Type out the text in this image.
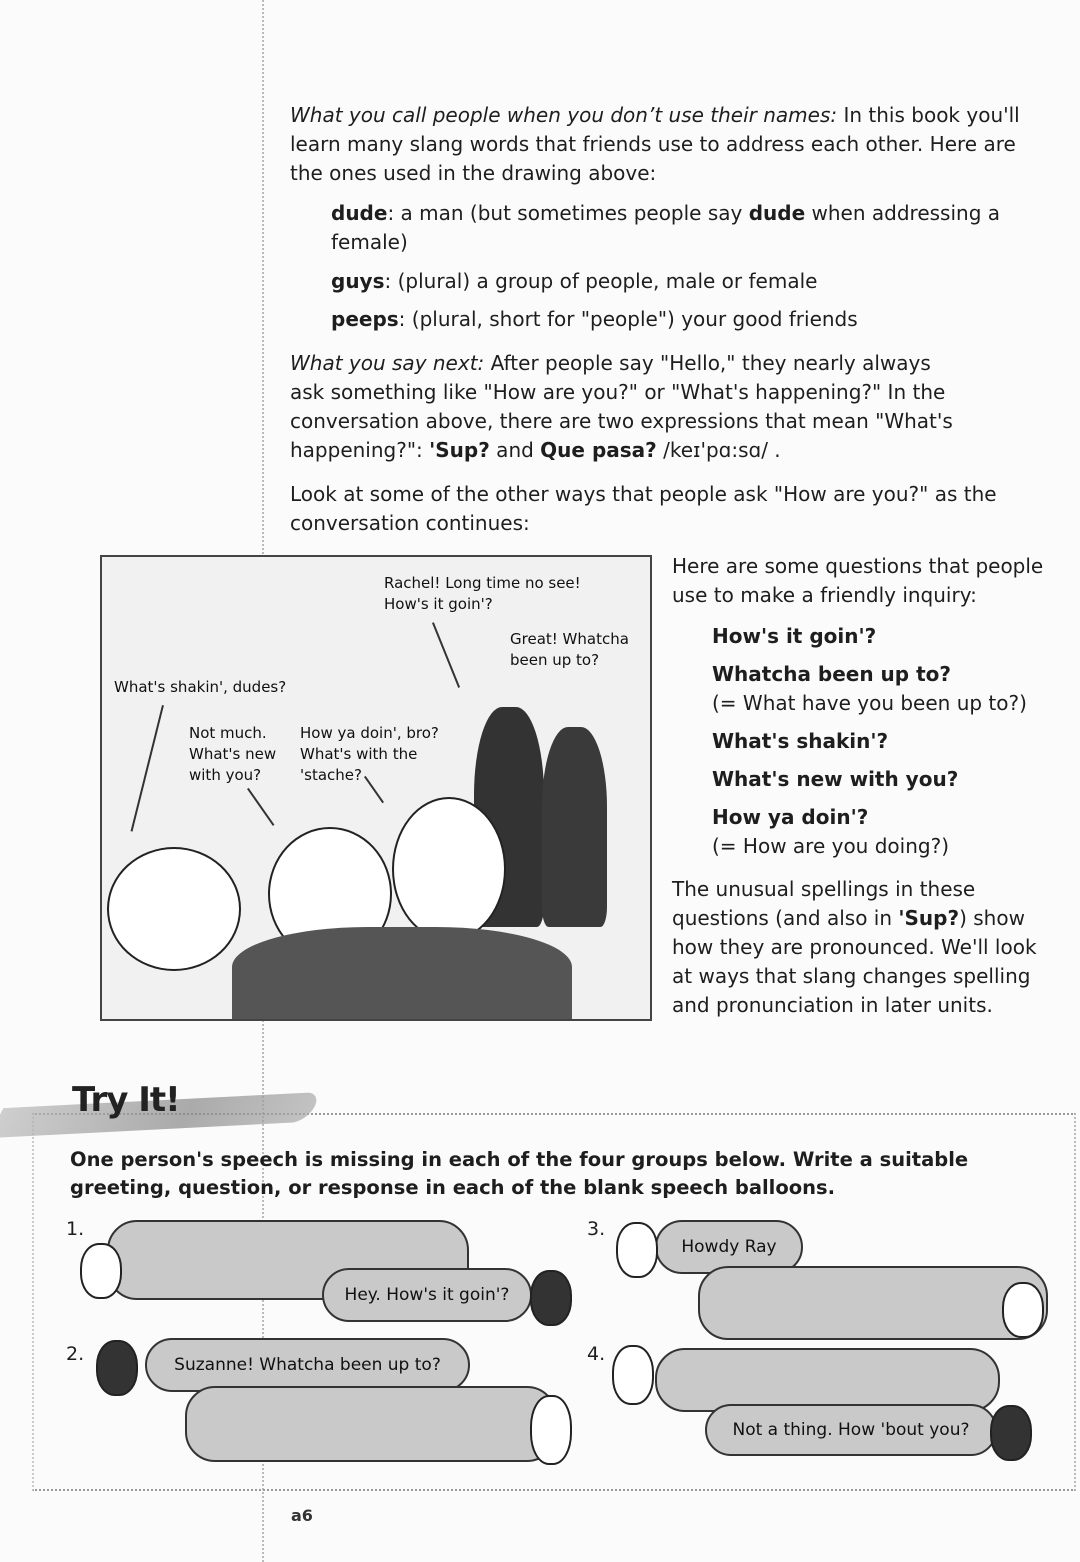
What you call people when you don’t use their names: In this book you'll learn many slang words that friends use to address each other. Here are the ones used in the drawing above:

dude: a man (but sometimes people say dude when addressing a female)

guys: (plural) a group of people, male or female

peeps: (plural, short for "people") your good friends

What you say next: After people say "Hello," they nearly always ask something like "How are you?" or "What's happening?" In the conversation above, there are two expressions that mean "What's happening?": 'Sup? and Que pasa? /keɪ'pɑ:sɑ/ .

Look at some of the other ways that people ask "How are you?" as the conversation continues:

Rachel! Long time no see! How's it goin'?
Great! Whatcha been up to?
What's shakin', dudes?
Not much. What's new with you?
How ya doin', bro? What's with the 'stache?

Here are some questions that people use to make a friendly inquiry:

How's it goin'?

Whatcha been up to?

(= What have you been up to?)

What's shakin'?

What's new with you?

How ya doin'?

(= How are you doing?)

The unusual spellings in these questions (and also in 'Sup?) show how they are pronounced. We'll look at ways that slang changes spelling and pronunciation in later units.

Try It!
One person's speech is missing in each of the four groups below. Write a suitable greeting, question, or response in each of the blank speech balloons.
1.
Hey. How's it goin'?
2.	Suzanne! Whatcha been up to?
3.
Howdy Ray
4.
Not a thing. How 'bout you?
a6
